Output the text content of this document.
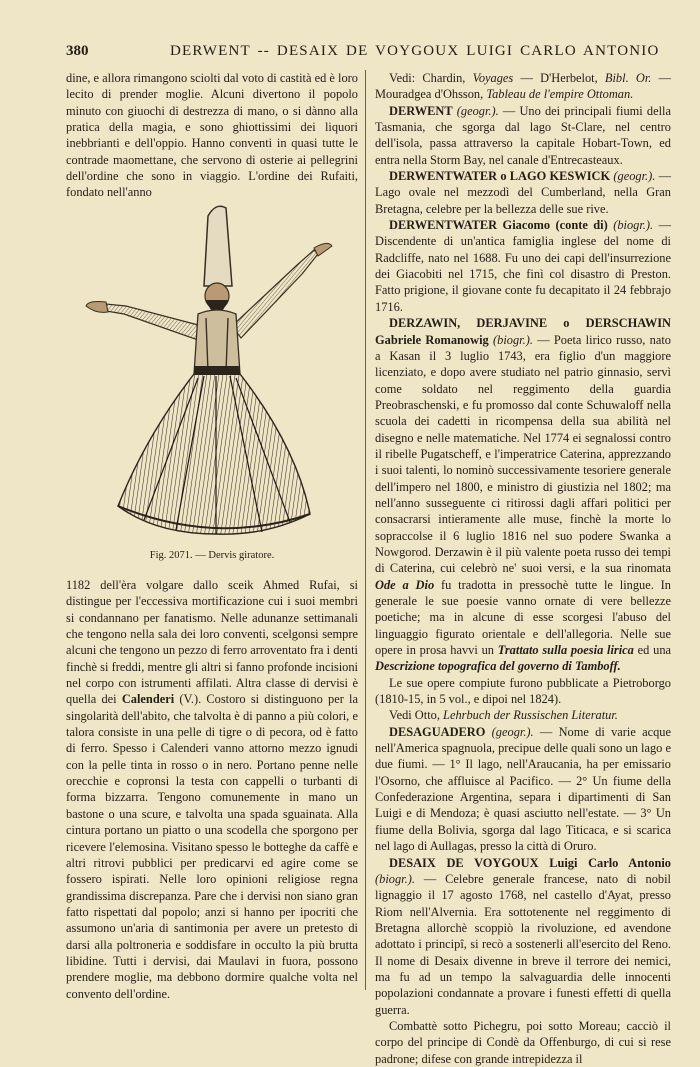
380	DERWENT -- DESAIX DE VOYGOUX LUIGI CARLO ANTONIO

dine, e allora rimangono sciolti dal voto di castità ed è loro lecito di prender moglie. Alcuni divertono il popolo minuto con giuochi di destrezza di mano, o si dànno alla pratica della magia, e sono ghiottissimi dei liquori inebbrianti e dell'oppio. Hanno conventi in quasi tutte le contrade maomettane, che servono di osterie ai pellegrini dell'ordine che sono in viaggio. L'ordine dei Rufaiti, fondato nell'anno

Fig. 2071. — Dervis giratore.

1182 dell'èra volgare dallo sceik Ahmed Rufai, si distingue per l'eccessiva mortificazione cui i suoi membri si condannano per fanatismo. Nelle adunanze settimanali che tengono nella sala dei loro conventi, scelgonsi sempre alcuni che tengono un pezzo di ferro arroventato fra i denti finchè si freddi, mentre gli altri si fanno profonde incisioni nel corpo con istrumenti affilati. Altra classe di dervisi è quella dei Calenderi (V.). Costoro si distinguono per la singolarità dell'abito, che talvolta è di panno a più colori, e talora consiste in una pelle di tigre o di pecora, od è fatto di ferro. Spesso i Calenderi vanno attorno mezzo ignudi con la pelle tinta in rosso o in nero. Portano penne nelle orecchie e copronsi la testa con cappelli o turbanti di forma bizzarra. Tengono comunemente in mano un bastone o una scure, e talvolta una spada sguainata. Alla cintura portano un piatto o una scodella che sporgono per ricevere l'elemosina. Visitano spesso le botteghe da caffè e altri ritrovi pubblici per predicarvi ed agire come se fossero ispirati. Nelle loro opinioni religiose regna grandissima discrepanza. Pare che i dervisi non siano gran fatto rispettati dal popolo; anzi si hanno per ipocriti che assumono un'aria di santimonia per avere un pretesto di darsi alla poltroneria e soddisfare in occulto la più brutta libidine. Tutti i dervisi, dai Maulavi in fuora, possono prendere moglie, ma debbono dormire qualche volta nel convento dell'ordine.

Vedi: Chardin, Voyages — D'Herbelot, Bibl. Or. — Mouradgea d'Ohsson, Tableau de l'empire Ottoman.

DERWENT (geogr.). — Uno dei principali fiumi della Tasmania, che sgorga dal lago St-Clare, nel centro dell'isola, passa attraverso la capitale Hobart-Town, ed entra nella Storm Bay, nel canale d'Entrecasteaux.

DERWENTWATER o LAGO KESWICK (geogr.). — Lago ovale nel mezzodì del Cumberland, nella Gran Bretagna, celebre per la bellezza delle sue rive.

DERWENTWATER Giacomo (conte di) (biogr.). — Discendente di un'antica famiglia inglese del nome di Radcliffe, nato nel 1688. Fu uno dei capi dell'insurrezione dei Giacobiti nel 1715, che finì col disastro di Preston. Fatto prigione, il giovane conte fu decapitato il 24 febbrajo 1716.

DERZAWIN, DERJAVINE o DERSCHAWIN Gabriele Romanowig (biogr.). — Poeta lirico russo, nato a Kasan il 3 luglio 1743, era figlio d'un maggiore licenziato, e dopo avere studiato nel patrio ginnasio, servì come soldato nel reggimento della guardia Preobraschenski, e fu promosso dal conte Schuwaloff nella scuola dei cadetti in ricompensa della sua abilità nel disegno e nelle matematiche. Nel 1774 ei segnalossi contro il ribelle Pugatscheff, e l'imperatrice Caterina, apprezzando i suoi talenti, lo nominò successivamente tesoriere generale dell'impero nel 1800, e ministro di giustizia nel 1802; ma nell'anno susseguente ci ritirossi dagli affari politici per consacrarsi intieramente alle muse, finchè la morte lo sopraccolse il 6 luglio 1816 nel suo podere Swanka a Nowgorod. Derzawin è il più valente poeta russo dei tempi di Caterina, cui celebrò ne' suoi versi, e la sua rinomata Ode a Dio fu tradotta in pressochè tutte le lingue. In generale le sue poesie vanno ornate di vere bellezze poetiche; ma in alcune di esse scorgesi l'abuso del linguaggio figurato orientale e dell'allegoria. Nelle sue opere in prosa havvi un Trattato sulla poesia lirica ed una Descrizione topografica del governo di Tamboff.

Le sue opere compiute furono pubblicate a Pietroborgo (1810-15, in 5 vol., e dipoi nel 1824).

Vedi Otto, Lehrbuch der Russischen Literatur.

DESAGUADERO (geogr.). — Nome di varie acque nell'America spagnuola, precipue delle quali sono un lago e due fiumi. — 1° Il lago, nell'Araucania, ha per emissario l'Osorno, che affluisce al Pacifico. — 2° Un fiume della Confederazione Argentina, separa i dipartimenti di San Luigi e di Mendoza; è quasi asciutto nell'estate. — 3° Un fiume della Bolivia, sgorga dal lago Titicaca, e si scarica nel lago di Aullagas, presso la città di Oruro.

DESAIX DE VOYGOUX Luigi Carlo Antonio (biogr.). — Celebre generale francese, nato di nobil lignaggio il 17 agosto 1768, nel castello d'Ayat, presso Riom nell'Alvernia. Era sottotenente nel reggimento di Bretagna allorchè scoppiò la rivoluzione, ed avendone adottato i principî, si recò a sostenerli all'esercito del Reno. Il nome di Desaix divenne in breve il terrore dei nemici, ma fu ad un tempo la salvaguardia delle innocenti popolazioni condannate a provare i funesti effetti di quella guerra.

Combattè sotto Pichegru, poi sotto Moreau; cacciò il corpo del principe di Condè da Offenburgo, di cui si rese padrone; difese con grande intrepidezza il
